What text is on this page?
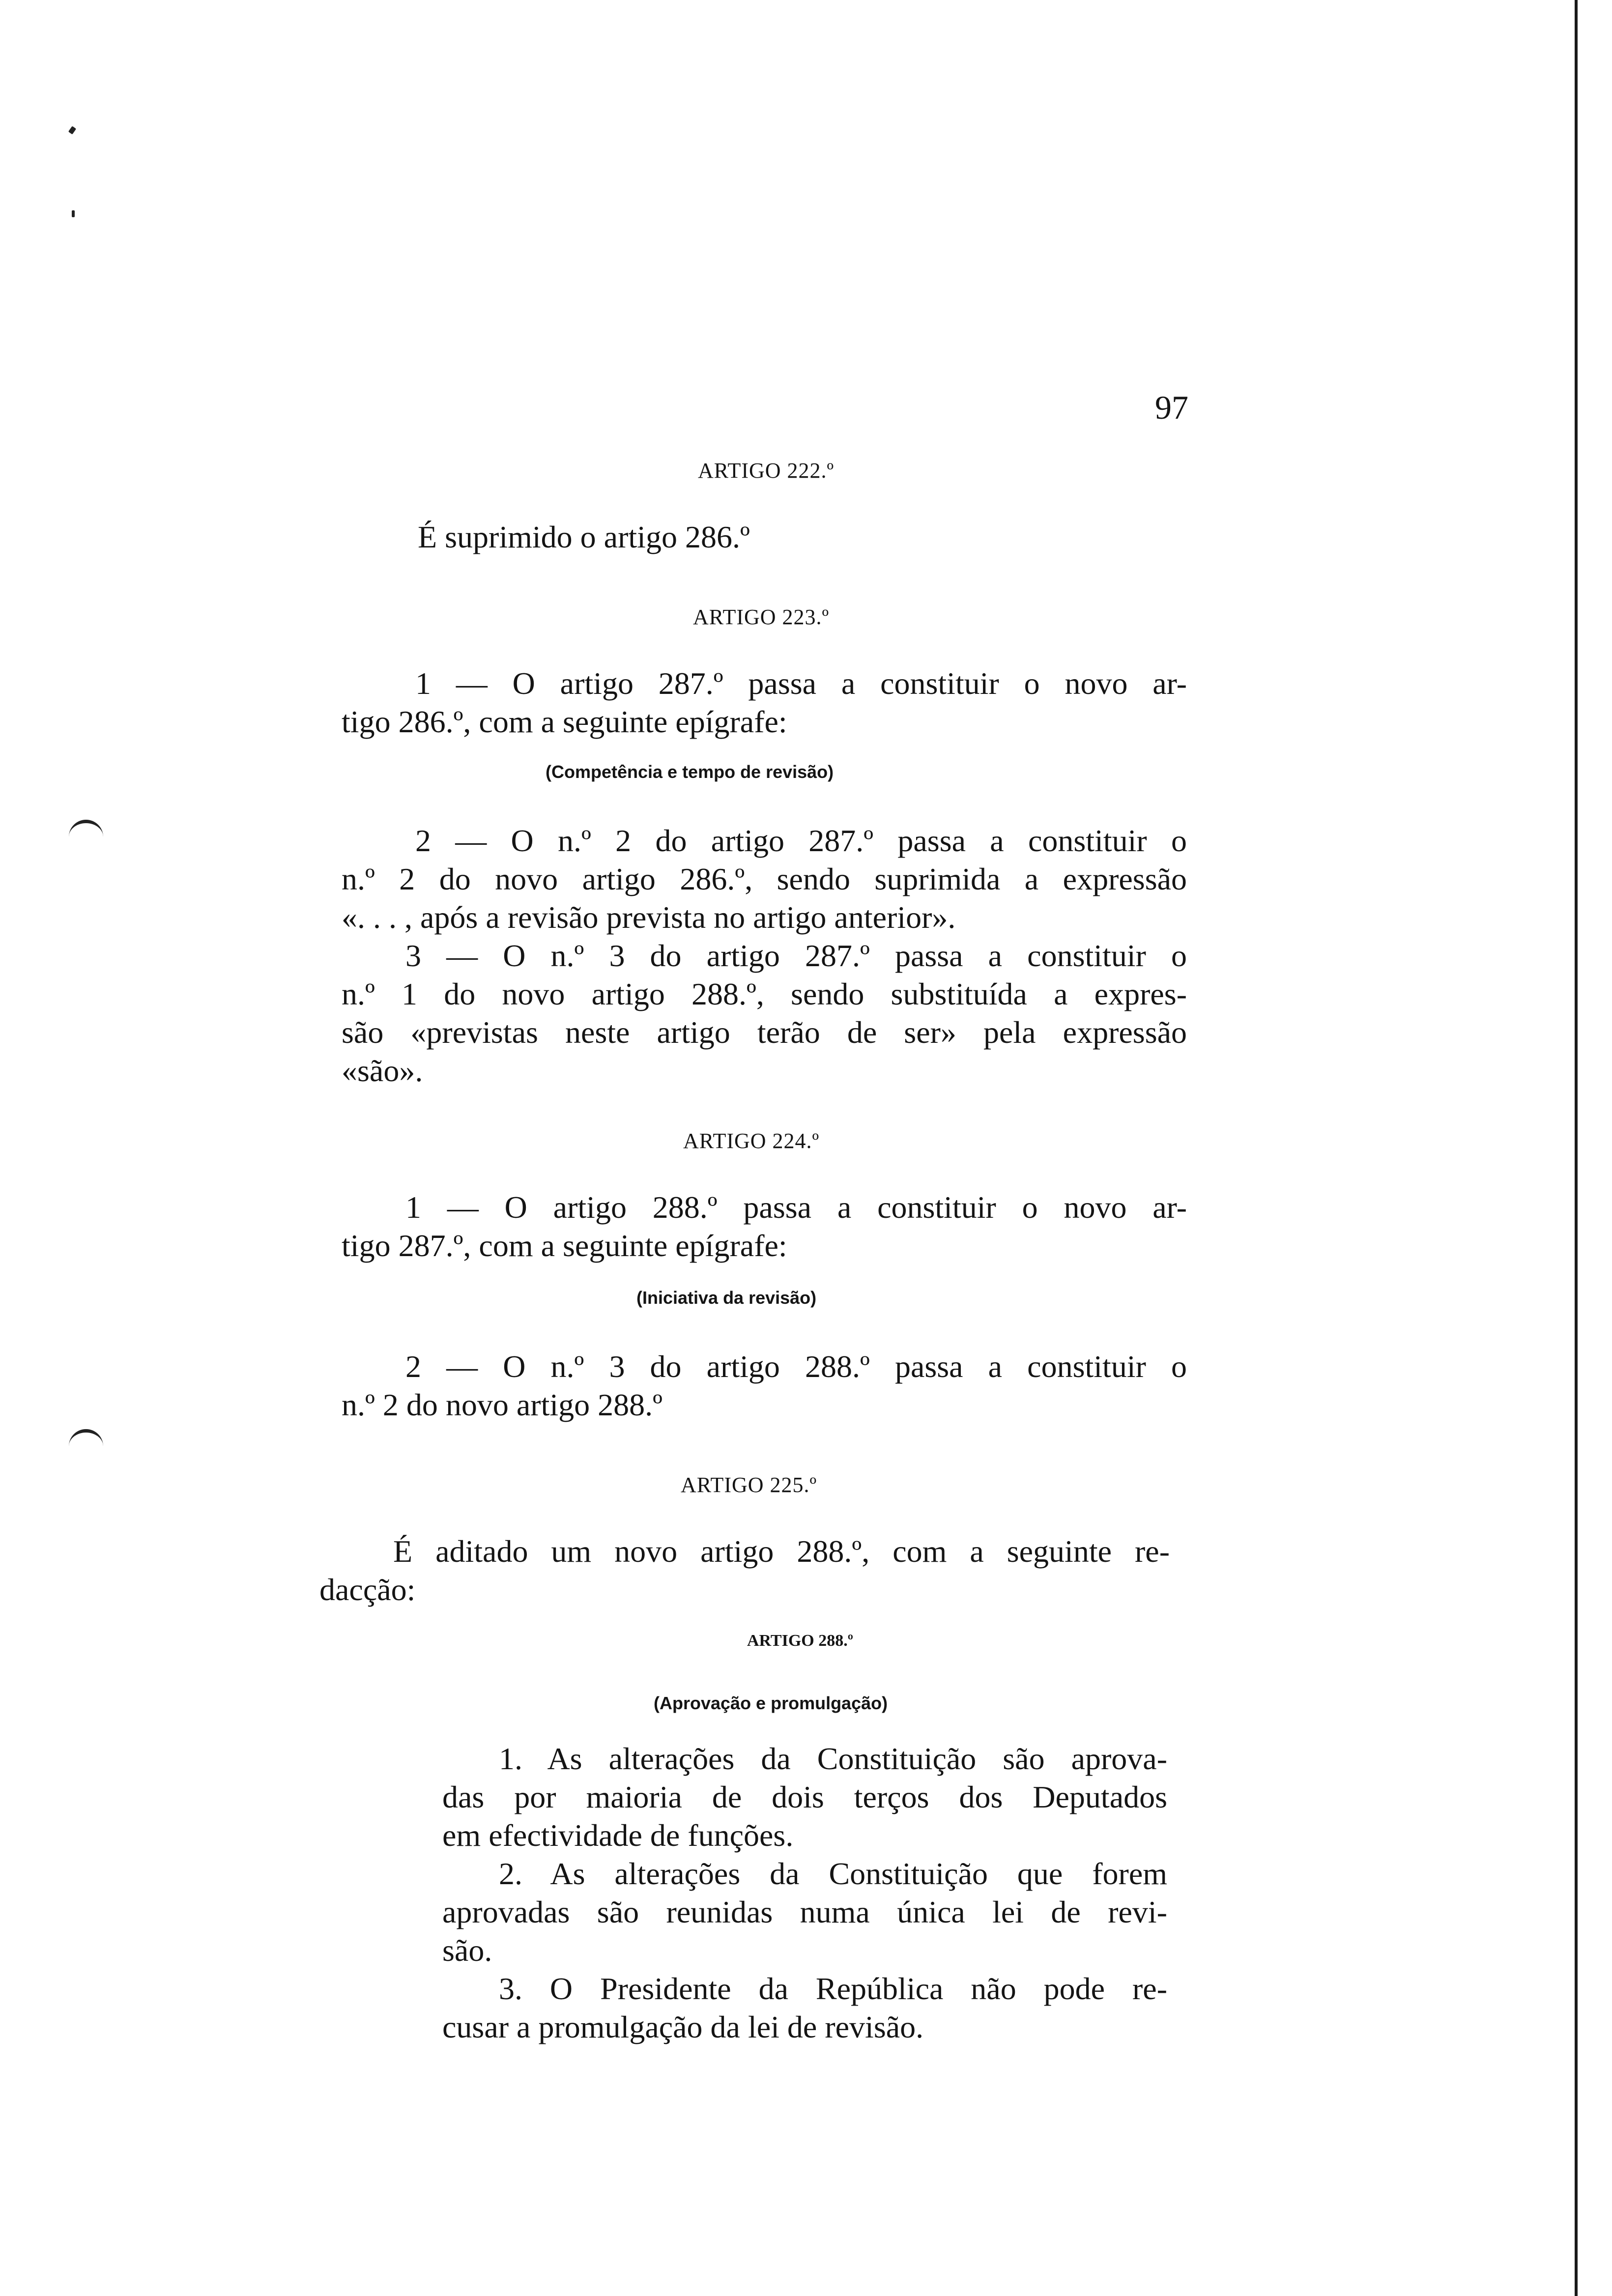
97
ARTIGO 222.º
É suprimido o artigo 286.º
ARTIGO 223.º
1 — O artigo 287.º passa a constituir o novo ar-
tigo 286.º, com a seguinte epígrafe:
(Competência e tempo de revisão)
2 — O n.º 2 do artigo 287.º passa a constituir o
n.º 2 do novo artigo 286.º, sendo suprimida a expressão
«. . . , após a revisão prevista no artigo anterior».
3 — O n.º 3 do artigo 287.º passa a constituir o
n.º 1 do novo artigo 288.º, sendo substituída a expres-
são «previstas neste artigo terão de ser» pela expressão
«são».
ARTIGO 224.º
1 — O artigo 288.º passa a constituir o novo ar-
tigo 287.º, com a seguinte epígrafe:
(Iniciativa da revisão)
2 — O n.º 3 do artigo 288.º passa a constituir o
n.º 2 do novo artigo 288.º
ARTIGO 225.º
É aditado um novo artigo 288.º, com a seguinte re-
dacção:
ARTIGO 288.º
(Aprovação e promulgação)
1. As alterações da Constituição são aprova-
das por maioria de dois terços dos Deputados
em efectividade de funções.
2. As alterações da Constituição que forem
aprovadas são reunidas numa única lei de revi-
são.
3. O Presidente da República não pode re-
cusar a promulgação da lei de revisão.
